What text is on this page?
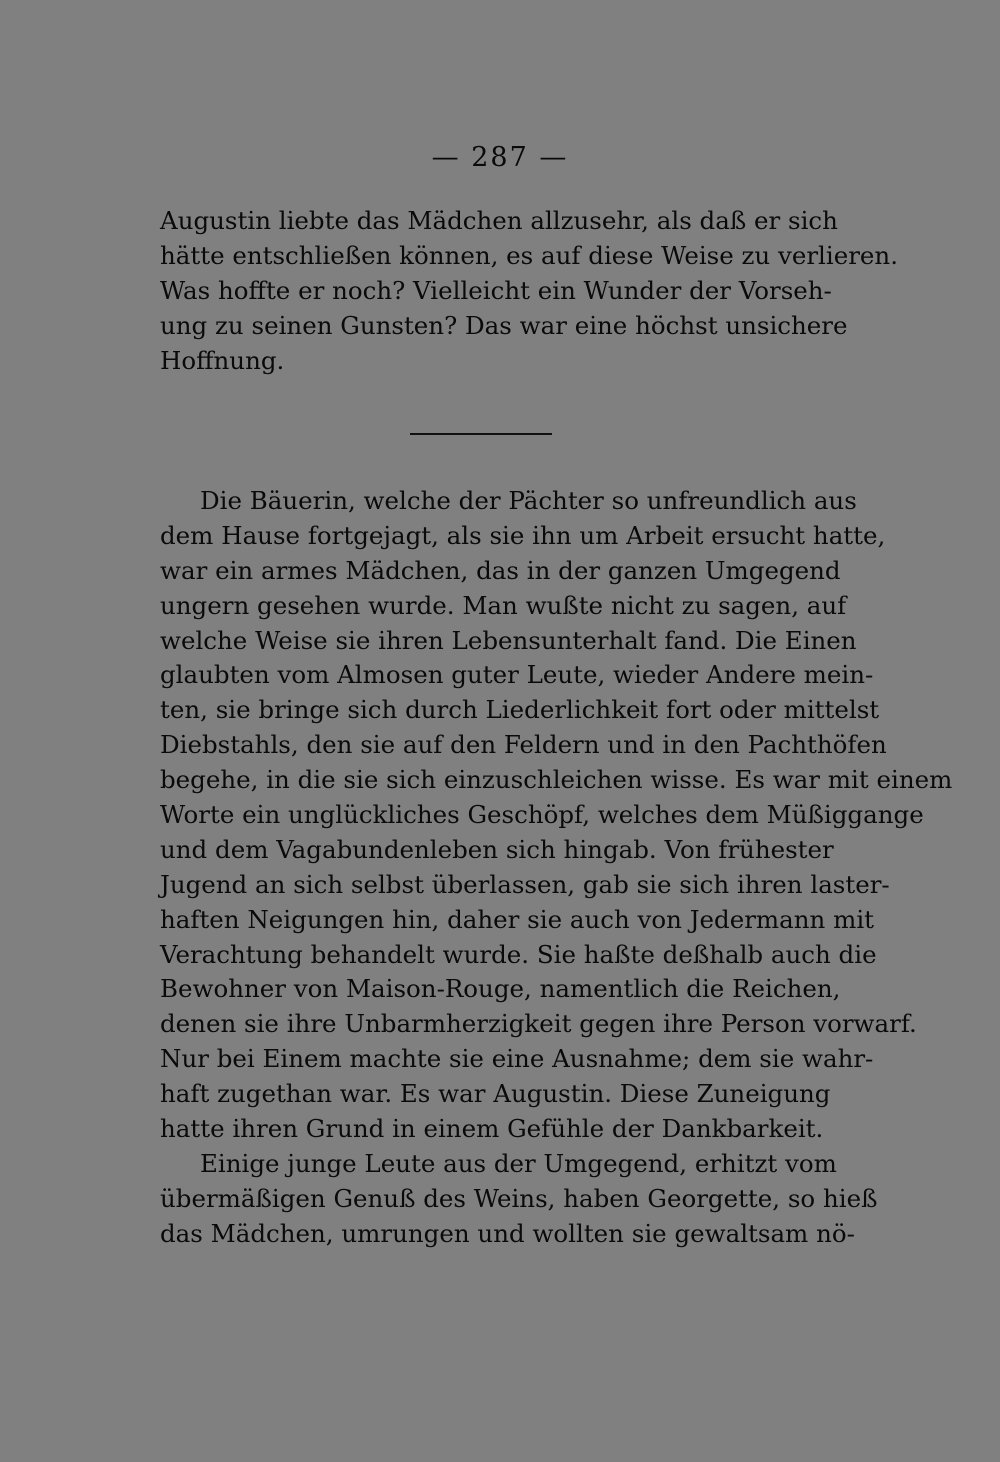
— 287 —
Augustin liebte das Mädchen allzusehr, als daß er sich
hätte entschließen können, es auf diese Weise zu verlieren.
Was hoffte er noch? Vielleicht ein Wunder der Vorseh-
ung zu seinen Gunsten? Das war eine höchst unsichere
Hoffnung.
Die Bäuerin, welche der Pächter so unfreundlich aus
dem Hause fortgejagt, als sie ihn um Arbeit ersucht hatte,
war ein armes Mädchen, das in der ganzen Umgegend
ungern gesehen wurde. Man wußte nicht zu sagen, auf
welche Weise sie ihren Lebensunterhalt fand. Die Einen
glaubten vom Almosen guter Leute, wieder Andere mein-
ten, sie bringe sich durch Liederlichkeit fort oder mittelst
Diebstahls, den sie auf den Feldern und in den Pachthöfen
begehe, in die sie sich einzuschleichen wisse. Es war mit einem
Worte ein unglückliches Geschöpf, welches dem Müßiggange
und dem Vagabundenleben sich hingab. Von frühester
Jugend an sich selbst überlassen, gab sie sich ihren laster-
haften Neigungen hin, daher sie auch von Jedermann mit
Verachtung behandelt wurde. Sie haßte deßhalb auch die
Bewohner von Maison-Rouge, namentlich die Reichen,
denen sie ihre Unbarmherzigkeit gegen ihre Person vorwarf.
Nur bei Einem machte sie eine Ausnahme; dem sie wahr-
haft zugethan war. Es war Augustin. Diese Zuneigung
hatte ihren Grund in einem Gefühle der Dankbarkeit.
Einige junge Leute aus der Umgegend, erhitzt vom
übermäßigen Genuß des Weins, haben Georgette, so hieß
das Mädchen, umrungen und wollten sie gewaltsam nö-
